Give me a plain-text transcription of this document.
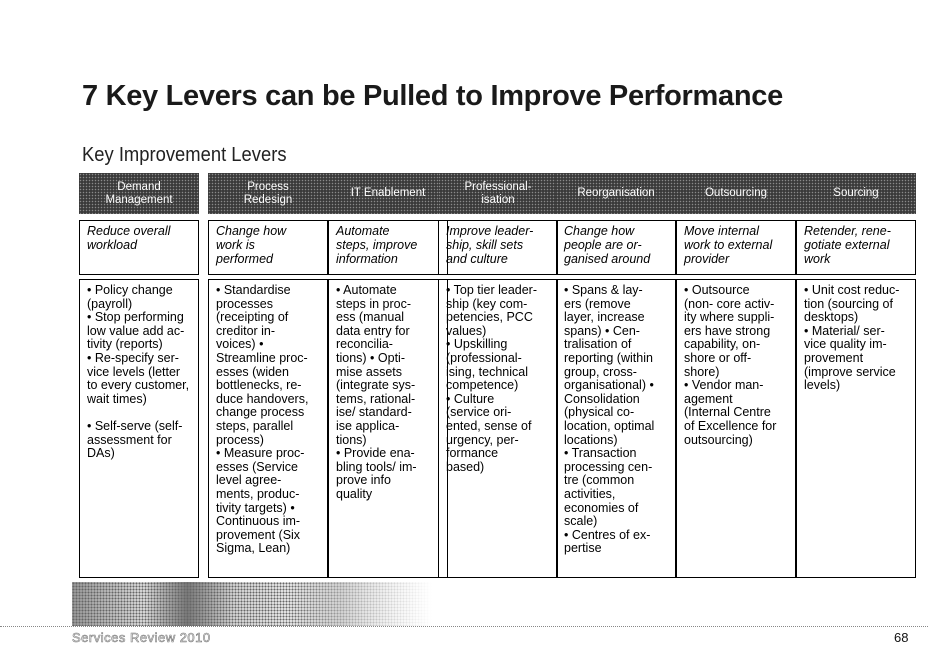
7 Key Levers can be Pulled to Improve Performance
Key Improvement Levers
Demand
Management
Reduce overall
workload
• Policy change
(payroll)
• Stop performing
low value add ac-
tivity (reports)
• Re-specify ser-
vice levels (letter
to every customer,
wait times)

• Self-serve (self-
assessment for
DAs)
Process
Redesign
Change how
work is
performed
• Standardise
processes
(receipting of
creditor in-
voices) •
Streamline proc-
esses (widen
bottlenecks, re-
duce handovers,
change process
steps, parallel
process)
• Measure proc-
esses (Service
level agree-
ments, produc-
tivity targets) •
Continuous im-
provement (Six
Sigma, Lean)
IT Enablement
Automate
steps, improve
information
• Automate
steps in proc-
ess (manual
data entry for
reconcilia-
tions) • Opti-
mise assets
(integrate sys-
tems, rational-
ise/ standard-
ise applica-
tions)
• Provide ena-
bling tools/ im-
prove info
quality
Professional-
isation
Improve leader-
ship, skill sets
and culture
• Top tier leader-
ship (key com-
petencies, PCC
values)
• Upskilling
(professional-
ising, technical
competence)
• Culture
(service ori-
ented, sense of
urgency, per-
formance
based)
Reorganisation
Change how
people are or-
ganised around
• Spans & lay-
ers (remove
layer, increase
spans) • Cen-
tralisation of
reporting (within
group, cross-
organisational) •
Consolidation
(physical co-
location, optimal
locations)
• Transaction
processing cen-
tre (common
activities,
economies of
scale)
• Centres of ex-
pertise
Outsourcing
Move internal
work to external
provider
• Outsource
(non- core activ-
ity where suppli-
ers have strong
capability, on-
shore or off-
shore)
• Vendor man-
agement
(Internal Centre
of Excellence for
outsourcing)
Sourcing
Retender, rene-
gotiate external
work
• Unit cost reduc-
tion (sourcing of
desktops)
• Material/ ser-
vice quality im-
provement
(improve service
levels)
Services Review 2010	68
